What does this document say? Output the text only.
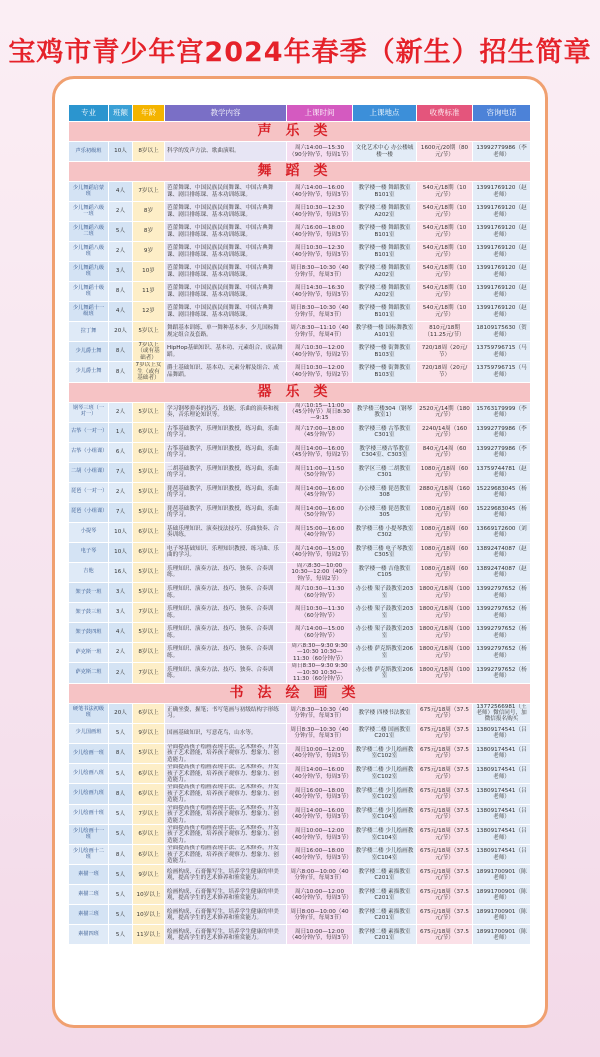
宝鸡市青少年宫2024年春季（新生）招生简章
专业	班额	年龄	教学内容	上课时间	上课地点	收费标准	咨询电话
声乐类							
声乐初级班	10人	8岁以上	科学的发声方法、歌曲演唱。	周六14:00—15:30（90分钟/节，每周1节）	文化艺术中心 办公楼城楼一楼	1600元/20期（80元/节）	13992779986（李老师）
舞蹈类							
少儿舞蹈启蒙班	4人	7岁以上	芭蕾舞课、中国民族民间舞课、中国古典舞课、剧目排练课、基本功训练课。	周六14:00—16:00（40分钟/节，每周3节）	教学楼一楼 舞蹈教室B101室	540元/18期（10元/节）	13991769120（赵老师）
少儿舞蹈六级一班	2人	8岁	芭蕾舞课、中国民族民间舞课、中国古典舞课、剧目排练课、基本功训练课。	周日10:30—12:30（40分钟/节，每周3节）	教学楼二楼 舞蹈教室A202室	540元/18期（10元/节）	13991769120（赵老师）
少儿舞蹈六级二班	5人	8岁	芭蕾舞课、中国民族民间舞课、中国古典舞课、剧目排练课、基本功训练课。	周六16:00—18:00（40分钟/节，每周3节）	教学楼一楼 舞蹈教室B101室	540元/18期（10元/节）	13991769120（赵老师）
少儿舞蹈八级班	2人	9岁	芭蕾舞课、中国民族民间舞课、中国古典舞课、剧目排练课、基本功训练课。	周日10:30—12:30（40分钟/节，每周3节）	教学楼一楼 舞蹈教室B101室	540元/18期（10元/节）	13991769120（赵老师）
少儿舞蹈九级班	3人	10岁	芭蕾舞课、中国民族民间舞课、中国古典舞课、剧目排练课、基本功训练课。	周日8:30—10:30（40分钟/节，每周3节）	教学楼二楼 舞蹈教室A202室	540元/18期（10元/节）	13991769120（赵老师）
少儿舞蹈十级班	8人	11岁	芭蕾舞课、中国民族民间舞课、中国古典舞课、剧目排练课、基本功训练课。	周日14:30—16:30（40分钟/节，每周3节）	教学楼二楼 舞蹈教室A202室	540元/18期（10元/节）	13991769120（赵老师）
少儿舞蹈十一级班	4人	12岁	芭蕾舞课、中国民族民间舞课、中国古典舞课、剧目排练课、基本功训练课。	周日8:30—10:30（40分钟/节，每周3节）	教学楼一楼 舞蹈教室B101室	540元/18期（10元/节）	13991769120（赵老师）
拉丁舞	20人	5岁以上	舞蹈基本训练、单一舞种基本步、少儿国标舞规定组合及套路。	周六8:30—11:10（40分钟/节，每周4节）	教学楼一楼 国标舞教室A101室	810元/18期（11.25元/节）	18109175630（贺老师）
少儿爵士舞	8人	7岁以上（或有基础者）	HipHop基础知识、基本功、元素组合、成品舞蹈。	周六10:30—12:00（40分钟/节，每周2节）	教学楼一楼 街舞教室B103室	720/18周（20元/节）	13759796715（马老师）
少儿爵士舞	8人	7岁以上女生（或有基础者）	爵士基础知识、基本功、元素分解及组合、成品舞蹈。	周日10:30—12:00（40分钟/节，每周2节）	教学楼一楼 街舞教室B103室	720/18周（20元/节）	13759796715（马老师）
器乐类							
钢琴三班（一对一）	2人	5岁以上	学习钢琴弹奏的技巧、技能，乐曲的演奏和视奏，音乐理论知识等。	周六10:15—11:00（45分钟/节）周日8:30—9:15	教学楼三楼304（钢琴教室1）	2520元/14期（180元/节）	15763179999（李老师）
古筝（一对一）	1人	6岁以上	古筝基础教学，乐理知识教授，练习曲，乐曲的学习。	周六17:00—18:00（45分钟/节）	教学楼三楼 古筝教室C301室	2240/14周（160元/节）	13992779986（李老师）
古筝（小组课）	6人	6岁以上	古筝基础教学，乐理知识教授，练习曲，乐曲的学习。	周日14:00—16:00（45分钟/节，每周2节）	教学楼三楼古筝教室 C304室、C303室	840元/14周（60元/节）	13992779986（李老师）
二胡（小组课）	7人	5岁以上	二胡基础教学，乐理知识教授，练习曲，乐曲的学习。	周日11:00—11:50（50分钟/节）	教学区三楼 二胡教室C301	1080元/18周（60元/节）	13759744781（赵老师）
琵琶（一对一）	2人	5岁以上	琵琶基础教学，乐理知识教授，练习曲，乐曲的学习。	周日14:00—16:00（45分钟/节）	办公楼三楼 琵琶教室308	2880元/18周（160元/节）	15229683045（杨老师）
琵琶（小组课）	7人	5岁以上	琵琶基础教学，乐理知识教授，练习曲，乐曲的学习。	周日14:00—16:00（50分钟/节）	办公楼三楼 琵琶教室305	1080元/18周（60元/节）	15229683045（杨老师）
小提琴	10人	6岁以上	基础乐理知识、演奏技法技巧、乐曲独奏、合奏训练。	周日15:00—16:00（40分钟/节）	教学楼三楼 小提琴教室C302	1080元/18周（60元/节）	13669172600（刘老师）
电子琴	10人	6岁以上	电子琴基础知识、乐理知识教授、练习曲、乐曲的学习。	周六14:00—15:00（40分钟/节，每周2节）	教学楼三楼 电子琴教室C305室	1080元/18周（60元/节）	13892474087（赵老师）
吉他	16人	5岁以上	乐理知识、演奏方法、技巧、独奏、合奏训练。	周六8:30—10:00 10:30—12:00（40分钟/节，每周2节）	教学楼一楼 吉他教室C105	1080元/18周（60元/节）	13892474087（赵老师）
架子鼓一班	3人	5岁以上	乐理知识、演奏方法、技巧、独奏、合奏训练。	周六10:30—11:30（60分钟/节）	办公楼 架子鼓教室203室	1800元/18周（100元/节）	13992797652（杨老师）
架子鼓三班	3人	7岁以上	乐理知识、演奏方法、技巧、独奏、合奏训练。	周日10:30—11:30（60分钟/节）	办公楼 架子鼓教室203室	1800元/18周（100元/节）	13992797652（杨老师）
架子鼓四班	4人	5岁以上	乐理知识、演奏方法、技巧、独奏、合奏训练。	周六14:00—15:00（60分钟/节）	办公楼 架子鼓教室203室	1800元/18周（100元/节）	13992797652（杨老师）
萨克斯一班	2人	8岁以上	乐理知识、演奏方法、技巧、独奏、合奏训练。	周六8:30—9:30 9:30—10:30 10:30—11:30（60分钟/节）	办公楼 萨克斯教室206室	1800元/18周（100元/节）	13992797652（杨老师）
萨克斯二班	2人	7岁以上	乐理知识、演奏方法、技巧、独奏、合奏训练。	周日8:30—9:30 9:30—10:30 10:30—11:30（60分钟/节）	办公楼 萨克斯教室206室	1800元/18周（100元/节）	13992797652（杨老师）
书法绘画类							
硬笔书法初级班	20人	6岁以上	正确坐姿，握笔；书写笔画与初级结构字形练习。	周六8:30—10:30（40分钟/节，每周3节）	教学楼 四楼书法教室	675元/18周（37.5元/节）	13772566981（王老师）微信同号，加微信报名购买
少儿国画班	5人	9岁以上	国画基础知识，写意花鸟，山水等。	周日8:30—10:30（40分钟/节，每周3节）	教学楼二楼 国画教室C201室	675元/18周（37.5元/节）	13809174541（吕老师）
少儿绘画一班	8人	5岁以上	全面提高孩子绘画表现手法、艺术修养，开发孩子艺术潜能，培养孩子观察力、想象力、创造能力。	周日10:00—12:00（40分钟/节，每周3节）	教学楼二楼 少儿绘画教室C102室	675元/18周（37.5元/节）	13809174541（吕老师）
少儿绘画八班	5人	6岁以上	全面提高孩子绘画表现手法、艺术修养，开发孩子艺术潜能，培养孩子观察力、想象力、创造能力。	周日14:00—16:00（40分钟/节，每周3节）	教学楼二楼 少儿绘画教室C102室	675元/18周（37.5元/节）	13809174541（吕老师）
少儿绘画九班	8人	6岁以上	全面提高孩子绘画表现手法、艺术修养，开发孩子艺术潜能，培养孩子观察力、想象力、创造能力。	周日16:00—18:00（40分钟/节，每周3节）	教学楼二楼 少儿绘画教室C102室	675元/18周（37.5元/节）	13809174541（吕老师）
少儿绘画十班	5人	7岁以上	全面提高孩子绘画表现手法、艺术修养，开发孩子艺术潜能，培养孩子观察力、想象力、创造能力。	周日14:00—16:00（40分钟/节，每周3节）	教学楼二楼 少儿绘画教室C104室	675元/18周（37.5元/节）	13809174541（吕老师）
少儿绘画十一班	5人	6岁以上	全面提高孩子绘画表现手法、艺术修养，开发孩子艺术潜能，培养孩子观察力、想象力、创造能力。	周日10:00—12:00（40分钟/节，每周3节）	教学楼二楼 少儿绘画教室C104室	675元/18周（37.5元/节）	13809174541（吕老师）
少儿绘画十二班	8人	6岁以上	全面提高孩子绘画表现手法、艺术修养，开发孩子艺术潜能，培养孩子观察力、想象力、创造能力。	周日16:00—18:00（40分钟/节，每周3节）	教学楼二楼 少儿绘画教室C104室	675元/18周（37.5元/节）	13809174541（吕老师）
素描一班	5人	9岁以上	绘画构成、石膏像写生，培养学生健康的审美观，提高学生的艺术修养和鉴赏能力。	周六8:00—10:00（40分钟/节，每周3节）	教学楼二楼 素描教室C201室	675元/18周（37.5元/节）	18991700901（陈老师）
素描二班	5人	10岁以上	绘画构成、石膏像写生，培养学生健康的审美观，提高学生的艺术修养和鉴赏能力。	周六10:00—12:00（40分钟/节，每周3节）	教学楼二楼 素描教室C201室	675元/18周（37.5元/节）	18991700901（陈老师）
素描三班	5人	10岁以上	绘画构成、石膏像写生，培养学生健康的审美观，提高学生的艺术修养和鉴赏能力。	周日8:00—10:00（40分钟/节，每周3节）	教学楼二楼 素描教室C201室	675元/18周（37.5元/节）	18991700901（陈老师）
素描四班	5人	11岁以上	绘画构成、石膏像写生，培养学生健康的审美观，提高学生的艺术修养和鉴赏能力。	周日10:00—12:00（40分钟/节，每周3节）	教学楼二楼 素描教室C201室	675元/18周（37.5元/节）	18991700901（陈老师）
